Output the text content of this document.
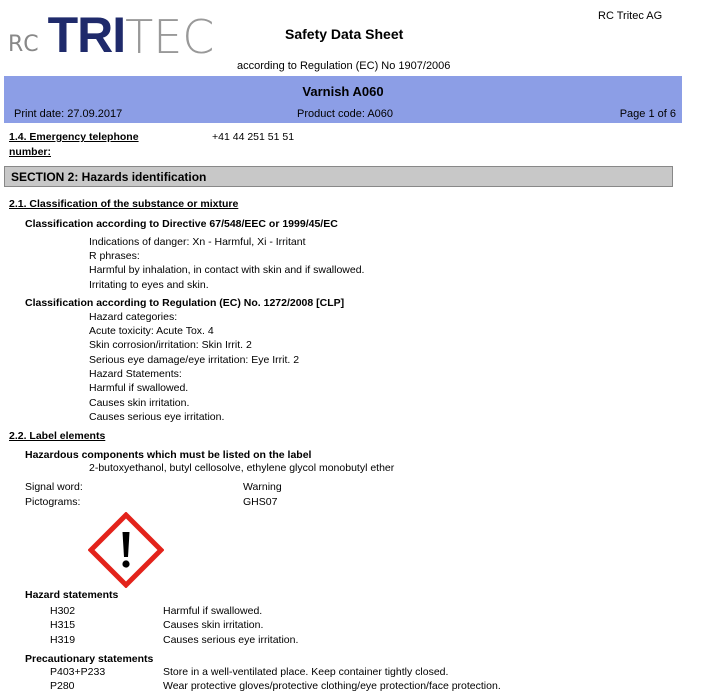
RC TRI TEC	Safety Data Sheet
RC Tritec AG
according to Regulation (EC) No 1907/2006
Varnish A060
Print date: 27.09.2017	Product code: A060	Page 1 of 6
1.4. Emergency telephone
number:
+41 44 251 51 51
SECTION 2: Hazards identification
2.1. Classification of the substance or mixture
Classification according to Directive 67/548/EEC or 1999/45/EC
Indications of danger: Xn - Harmful, Xi - Irritant
R phrases:
Harmful by inhalation, in contact with skin and if swallowed.
Irritating to eyes and skin.
Classification according to Regulation (EC) No. 1272/2008 [CLP]
Hazard categories:
Acute toxicity: Acute Tox. 4
Skin corrosion/irritation: Skin Irrit. 2
Serious eye damage/eye irritation: Eye Irrit. 2
Hazard Statements:
Harmful if swallowed.
Causes skin irritation.
Causes serious eye irritation.
2.2. Label elements
Hazardous components which must be listed on the label
2-butoxyethanol, butyl cellosolve, ethylene glycol monobutyl ether
Signal word:	Warning
Pictograms:	GHS07
Hazard statements
H302	Harmful if swallowed.
H315	Causes skin irritation.
H319	Causes serious eye irritation.
Precautionary statements
P403+P233	Store in a well-ventilated place. Keep container tightly closed.
P280	Wear protective gloves/protective clothing/eye protection/face protection.
